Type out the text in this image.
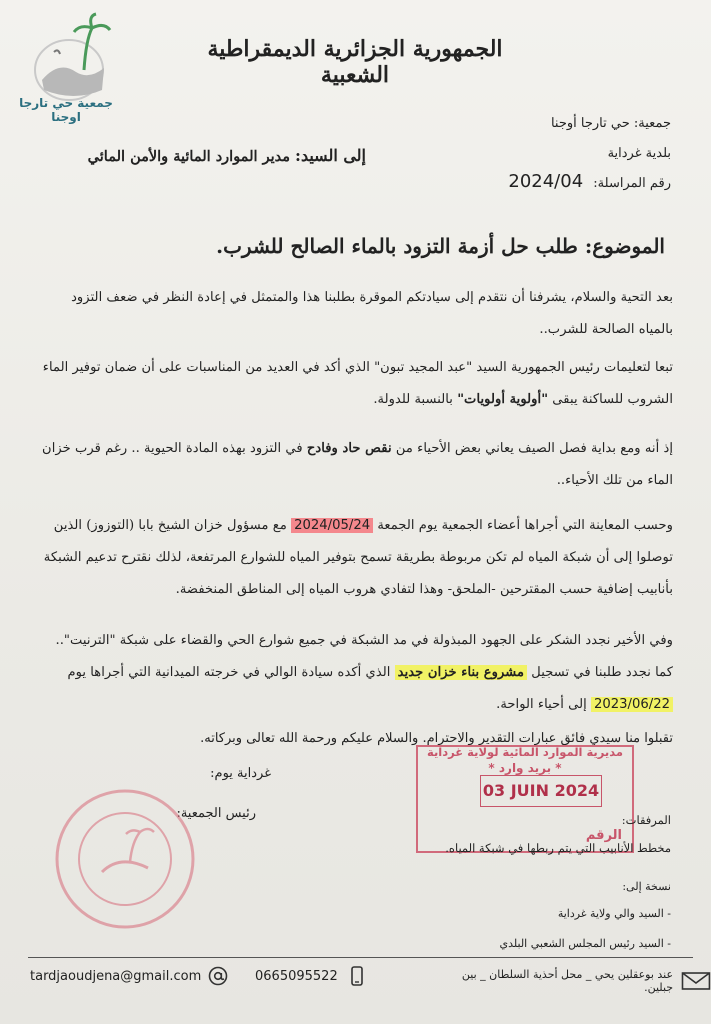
جمعية حي تارجا اوجنا
الجمهورية الجزائرية الديمقراطية الشعبية
جمعية: حي تارجا أوجنا
بلدية غرداية
رقم المراسلة: 2024/04
إلى السيد: مدير الموارد المائية والأمن المائي
الموضوع: طلب حل أزمة التزود بالماء الصالح للشرب.
بعد التحية والسلام، يشرفنا أن نتقدم إلى سيادتكم الموقرة بطلبنا هذا والمتمثل في إعادة النظر في ضعف التزود بالمياه الصالحة للشرب..
تبعا لتعليمات رئيس الجمهورية السيد "عبد المجيد تبون" الذي أكد في العديد من المناسبات على أن ضمان توفير الماء الشروب للساكنة يبقى "أولوية أولويات" بالنسبة للدولة.
إذ أنه ومع بداية فصل الصيف يعاني بعض الأحياء من نقص حاد وفادح في التزود بهذه المادة الحيوية .. رغم قرب خزان الماء من تلك الأحياء..
وحسب المعاينة التي أجراها أعضاء الجمعية يوم الجمعة 2024/05/24 مع مسؤول خزان الشيخ بابا (التوزوز) الذين توصلوا إلى أن شبكة المياه لم تكن مربوطة بطريقة تسمح بتوفير المياه للشوارع المرتفعة، لذلك نقترح تدعيم الشبكة بأنابيب إضافية حسب المقترحين -الملحق- وهذا لتفادي هروب المياه إلى المناطق المنخفضة.
وفي الأخير نجدد الشكر على الجهود المبذولة في مد الشبكة في جميع شوارع الحي والقضاء على شبكة "الترنيت"..
كما نجدد طلبنا في تسجيل مشروع بناء خزان جديد الذي أكده سيادة الوالي في خرجته الميدانية التي أجراها يوم 2023/06/22 إلى أحياء الواحة.
تقبلوا منا سيدي فائق عبارات التقدير والاحترام. والسلام عليكم ورحمة الله تعالى وبركاته.
غرداية يوم:
رئيس الجمعية:
مديرية الموارد المائية لولاية غرداية
* بريد وارد *
03 JUIN 2024
الرقم
المرفقات:
مخطط الأنابيب التي يتم ربطها في شبكة المياه.
نسخة إلى:
- السيد والي ولاية غرداية
- السيد رئيس المجلس الشعبي البلدي
tardjaoudjena@gmail.com	0665095522	عند بوعقلين يحي _ محل أحذية السلطان _ بين جبلين.
